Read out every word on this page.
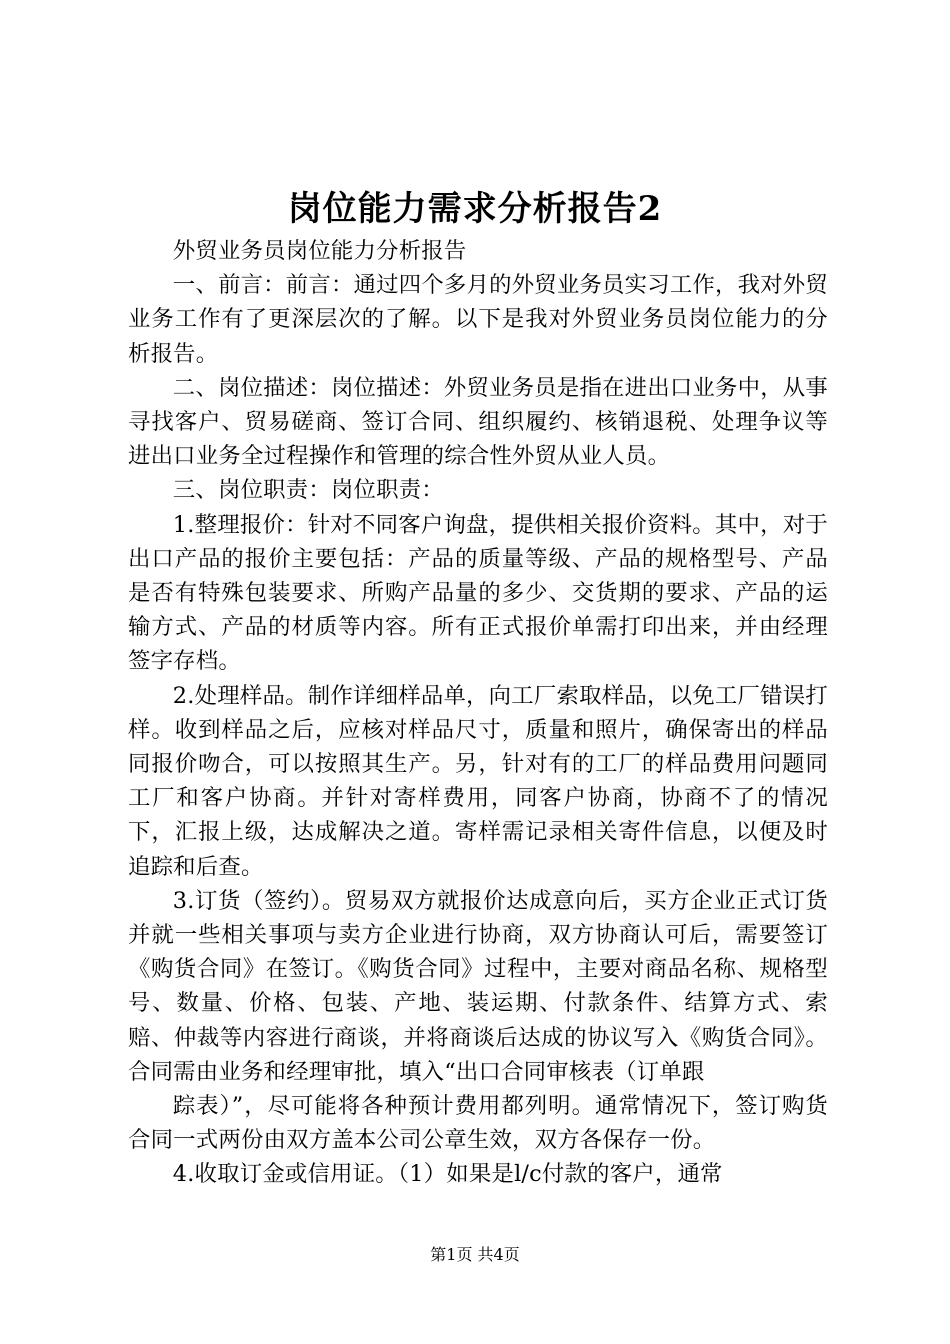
岗位能力需求分析报告2

外贸业务员岗位能力分析报告

一、前言：前言：通过四个多月的外贸业务员实习工作，我对外贸业务工作有了更深层次的了解。以下是我对外贸业务员岗位能力的分析报告。

二、岗位描述：岗位描述：外贸业务员是指在进出口业务中，从事寻找客户、贸易磋商、签订合同、组织履约、核销退税、处理争议等进出口业务全过程操作和管理的综合性外贸从业人员。

三、岗位职责：岗位职责：

1.整理报价：针对不同客户询盘，提供相关报价资料。其中，对于出口产品的报价主要包括：产品的质量等级、产品的规格型号、产品是否有特殊包装要求、所购产品量的多少、交货期的要求、产品的运输方式、产品的材质等内容。所有正式报价单需打印出来，并由经理签字存档。

2.处理样品。制作详细样品单，向工厂索取样品，以免工厂错误打样。收到样品之后，应核对样品尺寸，质量和照片，确保寄出的样品同报价吻合，可以按照其生产。另，针对有的工厂的样品费用问题同工厂和客户协商。并针对寄样费用，同客户协商，协商不了的情况下，汇报上级，达成解决之道。寄样需记录相关寄件信息，以便及时追踪和后查。

3.订货（签约）。贸易双方就报价达成意向后，买方企业正式订货并就一些相关事项与卖方企业进行协商，双方协商认可后，需要签订《购货合同》在签订。《购货合同》过程中，主要对商品名称、规格型号、数量、价格、包装、产地、装运期、付款条件、结算方式、索赔、仲裁等内容进行商谈，并将商谈后达成的协议写入《购货合同》。合同需由业务和经理审批，填入“出口合同审核表（订单跟

踪表）”，尽可能将各种预计费用都列明。通常情况下，签订购货合同一式两份由双方盖本公司公章生效，双方各保存一份。

4.收取订金或信用证。（1）如果是l/c付款的客户，通常

第1页 共4页
